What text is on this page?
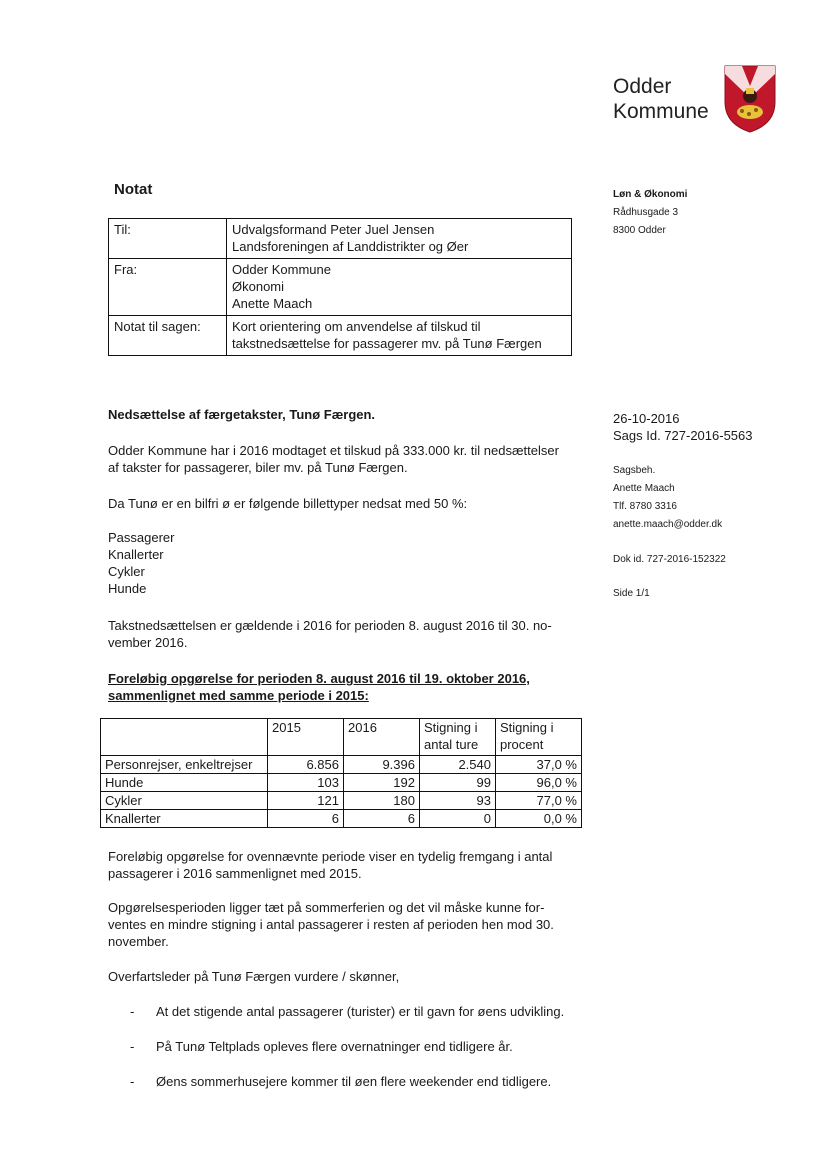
Odder
Kommune
Notat
Til:	Udvalgsformand Peter Juel Jensen
Landsforeningen af Landdistrikter og Øer

Fra:	Odder Kommune
Økonomi
Anette Maach

Notat til sagen:	Kort orientering om anvendelse af tilskud til
takstnedsættelse for passagerer mv. på Tunø Færgen
Løn & Økonomi
Rådhusgade 3
8300 Odder
26-10-2016
Sags Id. 727-2016-5563
Sagsbeh.
Anette Maach
Tlf. 8780 3316
anette.maach@odder.dk
Dok id. 727-2016-152322
Side 1/1
Nedsættelse af færgetakster, Tunø Færgen.
Odder Kommune har i 2016 modtaget et tilskud på 333.000 kr. til nedsættelser
af takster for passagerer, biler mv. på Tunø Færgen.
Da Tunø er en bilfri ø er følgende billettyper nedsat med 50 %:
Passagerer
Knallerter
Cykler
Hunde
Takstnedsættelsen er gældende i 2016 for perioden 8. august 2016 til 30. no-
vember 2016.
Foreløbig opgørelse for perioden 8. august 2016 til 19. oktober 2016,
sammenlignet med samme periode i 2015:

	2015	2016	Stigning i
antal ture	Stigning i
procent

Personrejser, enkeltrejser	6.856	9.396	2.540	37,0 %
Hunde	103	192	99	96,0 %
Cykler	121	180	93	77,0 %
Knallerter	6	6	0	0,0 %
Foreløbig opgørelse for ovennævnte periode viser en tydelig fremgang i antal
passagerer i 2016 sammenlignet med 2015.
Opgørelsesperioden ligger tæt på sommerferien og det vil måske kunne for-
ventes en mindre stigning i antal passagerer i resten af perioden hen mod 30.
november.
Overfartsleder på Tunø Færgen vurdere / skønner,
- At det stigende antal passagerer (turister) er til gavn for øens udvikling.
- På Tunø Teltplads opleves flere overnatninger end tidligere år.
- Øens sommerhusejere kommer til øen flere weekender end tidligere.
